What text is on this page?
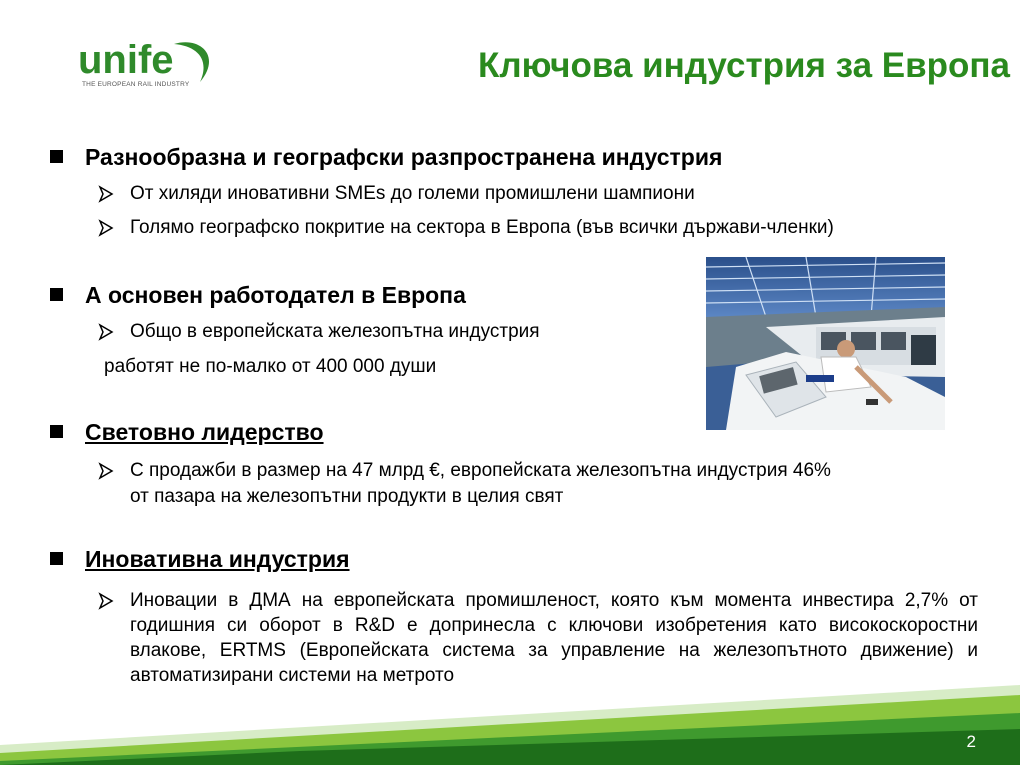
unife
THE EUROPEAN RAIL INDUSTRY	Ключова индустрия за Европа
Разнообразна и географски разпространена индустрия
От хиляди иновативни SMEs до големи промишлени шампиони
Голямо географско покритие на сектора в Европа (във всички държави-членки)
А основен работодател в Европа
Общо в европейската железопътна индустрия
работят не по-малко от 400 000 души
Световно лидерство
С продажби в размер на 47 млрд €, европейската железопътна индустрия 46%
от пазара на железопътни продукти в целия свят
Иновативна индустрия
Иновации в ДМА на европейската промишленост, която към момента инвестира 2,7% от годишния си оборот в R&D е допринесла с ключови изобретения като високоскоростни влакове, ERTMS (Европейската система за управление на железопътното движение) и автоматизирани системи на метрото
2
